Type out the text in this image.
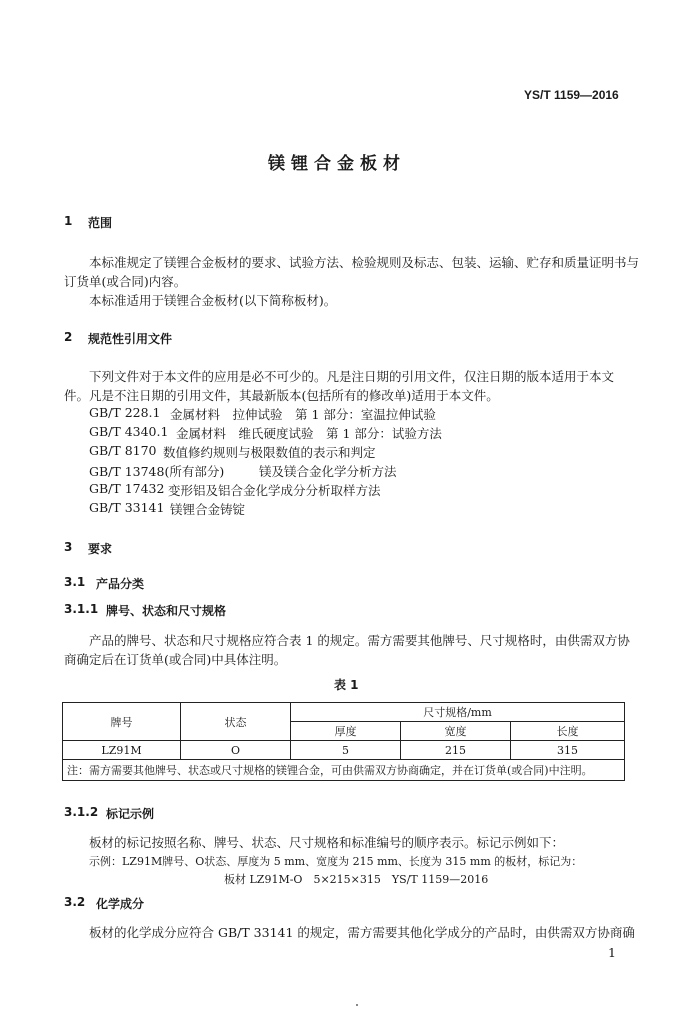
YS/T 1159—2016
镁锂合金板材
1 范围
本标准规定了镁锂合金板材的要求、试验方法、检验规则及标志、包装、运输、贮存和质量证明书与
订货单(或合同)内容。
本标准适用于镁锂合金板材(以下简称板材)。
2 规范性引用文件
下列文件对于本文件的应用是必不可少的。凡是注日期的引用文件，仅注日期的版本适用于本文
件。凡是不注日期的引用文件，其最新版本(包括所有的修改单)适用于本文件。
GB/T 228.1 金属材料　拉伸试验　第 1 部分：室温拉伸试验
GB/T 4340.1 金属材料　维氏硬度试验　第 1 部分：试验方法
GB/T 8170 数值修约规则与极限数值的表示和判定
GB/T 13748(所有部分)	镁及镁合金化学分析方法
GB/T 17432 变形铝及铝合金化学成分分析取样方法
GB/T 33141 镁锂合金铸锭
3 要求
3.1 产品分类
3.1.1 牌号、状态和尺寸规格
产品的牌号、状态和尺寸规格应符合表 1 的规定。需方需要其他牌号、尺寸规格时，由供需双方协
商确定后在订货单(或合同)中具体注明。
表 1
牌号	状态	尺寸规格/mm		
		厚度	宽度	长度
LZ91M	O	5	215	315
注：需方需要其他牌号、状态或尺寸规格的镁锂合金，可由供需双方协商确定，并在订货单(或合同)中注明。				
3.1.2 标记示例
板材的标记按照名称、牌号、状态、尺寸规格和标准编号的顺序表示。标记示例如下：
示例：LZ91M牌号、O状态、厚度为 5 mm、宽度为 215 mm、长度为 315 mm 的板材，标记为：
板材 LZ91M-O　5×215×315　YS/T 1159—2016
3.2 化学成分
板材的化学成分应符合 GB/T 33141 的规定，需方需要其他化学成分的产品时，由供需双方协商确
1
